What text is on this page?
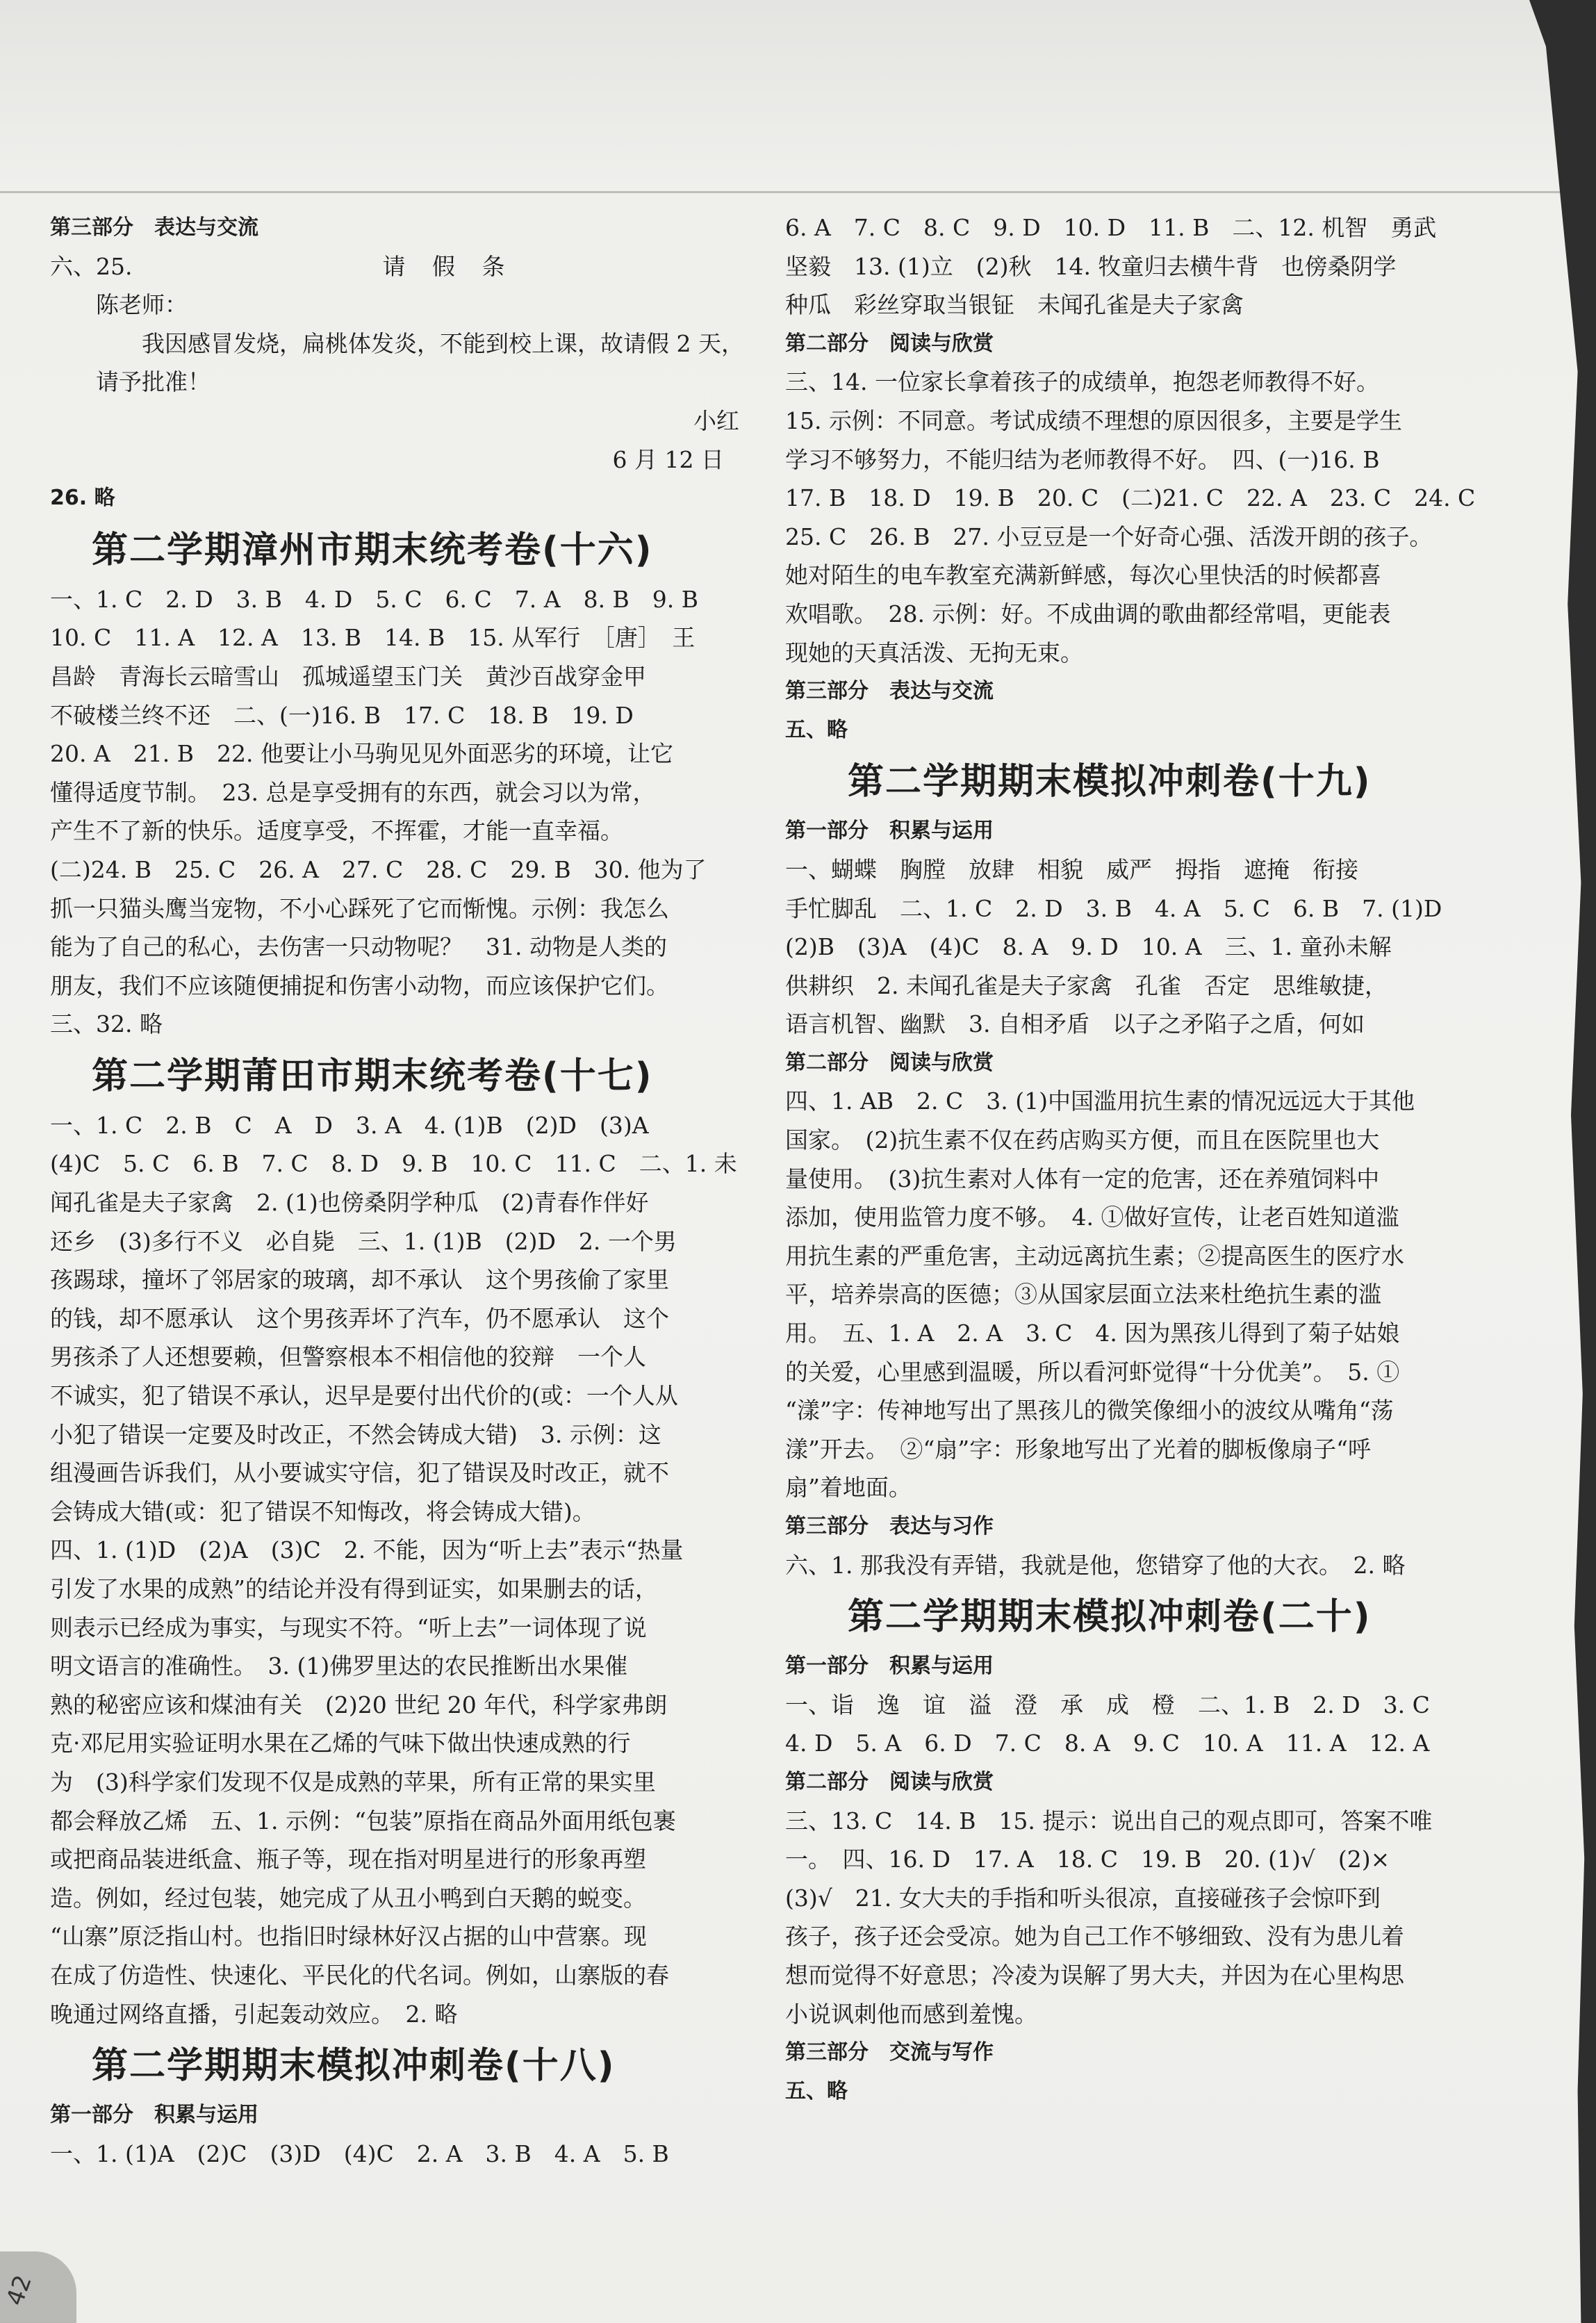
第三部分　表达与交流

六、25.	请 假 条

陈老师：

我因感冒发烧，扁桃体发炎，不能到校上课，故请假 2 天，

请予批准！

小红

6 月 12 日

26. 略

第二学期漳州市期末统考卷(十六)

一、1. C　2. D　3. B　4. D　5. C　6. C　7. A　8. B　9. B

10. C　11. A　12. A　13. B　14. B　15. 从军行　［唐］　王

昌龄　青海长云暗雪山　孤城遥望玉门关　黄沙百战穿金甲

不破楼兰终不还　二、(一)16. B　17. C　18. B　19. D

20. A　21. B　22. 他要让小马驹见见外面恶劣的环境，让它

懂得适度节制。　23. 总是享受拥有的东西，就会习以为常，

产生不了新的快乐。适度享受，不挥霍，才能一直幸福。

(二)24. B　25. C　26. A　27. C　28. C　29. B　30. 他为了

抓一只猫头鹰当宠物，不小心踩死了它而惭愧。示例：我怎么

能为了自己的私心，去伤害一只动物呢？　31. 动物是人类的

朋友，我们不应该随便捕捉和伤害小动物，而应该保护它们。

三、32. 略

第二学期莆田市期末统考卷(十七)

一、1. C　2. B　C　A　D　3. A　4. (1)B　(2)D　(3)A

(4)C　5. C　6. B　7. C　8. D　9. B　10. C　11. C　二、1. 未

闻孔雀是夫子家禽　2. (1)也傍桑阴学种瓜　(2)青春作伴好

还乡　(3)多行不义　必自毙　三、1. (1)B　(2)D　2. 一个男

孩踢球，撞坏了邻居家的玻璃，却不承认　这个男孩偷了家里

的钱，却不愿承认　这个男孩弄坏了汽车，仍不愿承认　这个

男孩杀了人还想要赖，但警察根本不相信他的狡辩　一个人

不诚实，犯了错误不承认，迟早是要付出代价的(或：一个人从

小犯了错误一定要及时改正，不然会铸成大错)　3. 示例：这

组漫画告诉我们，从小要诚实守信，犯了错误及时改正，就不

会铸成大错(或：犯了错误不知悔改，将会铸成大错)。

四、1. (1)D　(2)A　(3)C　2. 不能，因为“听上去”表示“热量

引发了水果的成熟”的结论并没有得到证实，如果删去的话，

则表示已经成为事实，与现实不符。“听上去”一词体现了说

明文语言的准确性。　3. (1)佛罗里达的农民推断出水果催

熟的秘密应该和煤油有关　(2)20 世纪 20 年代，科学家弗朗

克·邓尼用实验证明水果在乙烯的气味下做出快速成熟的行

为　(3)科学家们发现不仅是成熟的苹果，所有正常的果实里

都会释放乙烯　五、1. 示例：“包装”原指在商品外面用纸包裹

或把商品装进纸盒、瓶子等，现在指对明星进行的形象再塑

造。例如，经过包装，她完成了从丑小鸭到白天鹅的蜕变。

“山寨”原泛指山村。也指旧时绿林好汉占据的山中营寨。现

在成了仿造性、快速化、平民化的代名词。例如，山寨版的春

晚通过网络直播，引起轰动效应。　2. 略

第二学期期末模拟冲刺卷(十八)

第一部分　积累与运用

一、1. (1)A　(2)C　(3)D　(4)C　2. A　3. B　4. A　5. B

6. A　7. C　8. C　9. D　10. D　11. B　二、12. 机智　勇武

坚毅　13. (1)立　(2)秋　14. 牧童归去横牛背　也傍桑阴学

种瓜　彩丝穿取当银钲　未闻孔雀是夫子家禽

第二部分　阅读与欣赏

三、14. 一位家长拿着孩子的成绩单，抱怨老师教得不好。

15. 示例：不同意。考试成绩不理想的原因很多，主要是学生

学习不够努力，不能归结为老师教得不好。　四、(一)16. B

17. B　18. D　19. B　20. C　(二)21. C　22. A　23. C　24. C

25. C　26. B　27. 小豆豆是一个好奇心强、活泼开朗的孩子。

她对陌生的电车教室充满新鲜感，每次心里快活的时候都喜

欢唱歌。　28. 示例：好。不成曲调的歌曲都经常唱，更能表

现她的天真活泼、无拘无束。

第三部分　表达与交流

五、略

第二学期期末模拟冲刺卷(十九)

第一部分　积累与运用

一、蝴蝶　胸膛　放肆　相貌　威严　拇指　遮掩　衔接

手忙脚乱　二、1. C　2. D　3. B　4. A　5. C　6. B　7. (1)D

(2)B　(3)A　(4)C　8. A　9. D　10. A　三、1. 童孙未解

供耕织　2. 未闻孔雀是夫子家禽　孔雀　否定　思维敏捷，

语言机智、幽默　3. 自相矛盾　以子之矛陷子之盾，何如

第二部分　阅读与欣赏

四、1. AB　2. C　3. (1)中国滥用抗生素的情况远远大于其他

国家。　(2)抗生素不仅在药店购买方便，而且在医院里也大

量使用。　(3)抗生素对人体有一定的危害，还在养殖饲料中

添加，使用监管力度不够。　4. ①做好宣传，让老百姓知道滥

用抗生素的严重危害，主动远离抗生素；②提高医生的医疗水

平，培养崇高的医德；③从国家层面立法来杜绝抗生素的滥

用。　五、1. A　2. A　3. C　4. 因为黑孩儿得到了菊子姑娘

的关爱，心里感到温暖，所以看河虾觉得“十分优美”。　5. ①

“漾”字：传神地写出了黑孩儿的微笑像细小的波纹从嘴角“荡

漾”开去。　②“扇”字：形象地写出了光着的脚板像扇子“呼

扇”着地面。

第三部分　表达与习作

六、1. 那我没有弄错，我就是他，您错穿了他的大衣。　2. 略

第二学期期末模拟冲刺卷(二十)

第一部分　积累与运用

一、诣　逸　谊　溢　澄　承　成　橙　二、1. B　2. D　3. C

4. D　5. A　6. D　7. C　8. A　9. C　10. A　11. A　12. A

第二部分　阅读与欣赏

三、13. C　14. B　15. 提示：说出自己的观点即可，答案不唯

一。　四、16. D　17. A　18. C　19. B　20. (1)√　(2)×

(3)√　21. 女大夫的手指和听头很凉，直接碰孩子会惊吓到

孩子，孩子还会受凉。她为自己工作不够细致、没有为患儿着

想而觉得不好意思；冷凌为误解了男大夫，并因为在心里构思

小说讽刺他而感到羞愧。

第三部分　交流与写作

五、略

42
